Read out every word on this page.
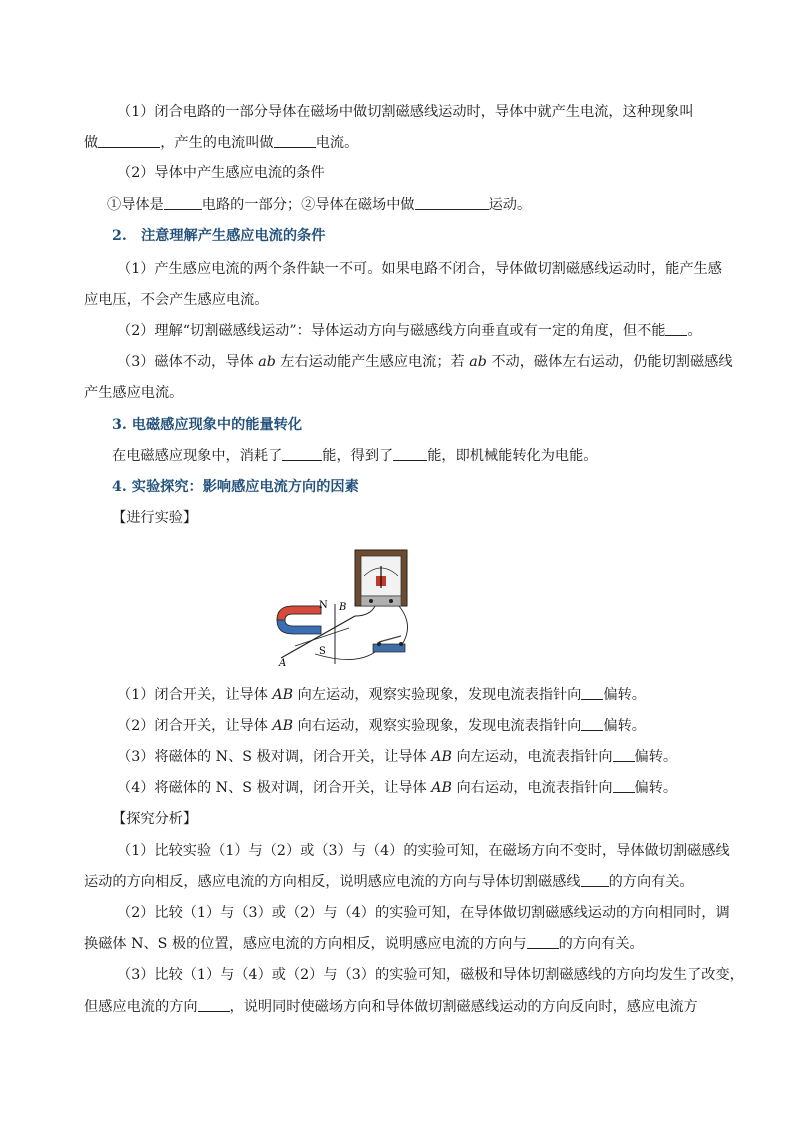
（1）闭合电路的一部分导体在磁场中做切割磁感线运动时，导体中就产生电流，这种现象叫
做	，产生的电流叫做	电流。
（2）导体中产生感应电流的条件
①导体是	电路的一部分；②导体在磁场中做	运动。
2.　注意理解产生感应电流的条件
（1）产生感应电流的两个条件缺一不可。如果电路不闭合，导体做切割磁感线运动时，能产生感
应电压，不会产生感应电流。
（2）理解“切割磁感线运动”：导体运动方向与磁感线方向垂直或有一定的角度，但不能 。
（3）磁体不动，导体 ab 左右运动能产生感应电流；若 ab 不动，磁体左右运动，仍能切割磁感线
产生感应电流。
3. 电磁感应现象中的能量转化
在电磁感应现象中，消耗了	能，得到了 能，即机械能转化为电能。
4. 实验探究：影响感应电流方向的因素
【进行实验】
N
S
A
B
（1）闭合开关，让导体 AB 向左运动，观察实验现象，发现电流表指针向 偏转。
（2）闭合开关，让导体 AB 向右运动，观察实验现象，发现电流表指针向 偏转。
（3）将磁体的 N、S 极对调，闭合开关，让导体 AB 向左运动，电流表指针向 偏转。
（4）将磁体的 N、S 极对调，闭合开关，让导体 AB 向右运动，电流表指针向 偏转。
【探究分析】
（1）比较实验（1）与（2）或（3）与（4）的实验可知，在磁场方向不变时，导体做切割磁感线
运动的方向相反，感应电流的方向相反，说明感应电流的方向与导体切割磁感线 的方向有关。
（2）比较（1）与（3）或（2）与（4）的实验可知，在导体做切割磁感线运动的方向相同时，调
换磁体 N、S 极的位置，感应电流的方向相反，说明感应电流的方向与 的方向有关。
（3）比较（1）与（4）或（2）与（3）的实验可知，磁极和导体切割磁感线的方向均发生了改变，
但感应电流的方向 ，说明同时使磁场方向和导体做切割磁感线运动的方向反向时，感应电流方
